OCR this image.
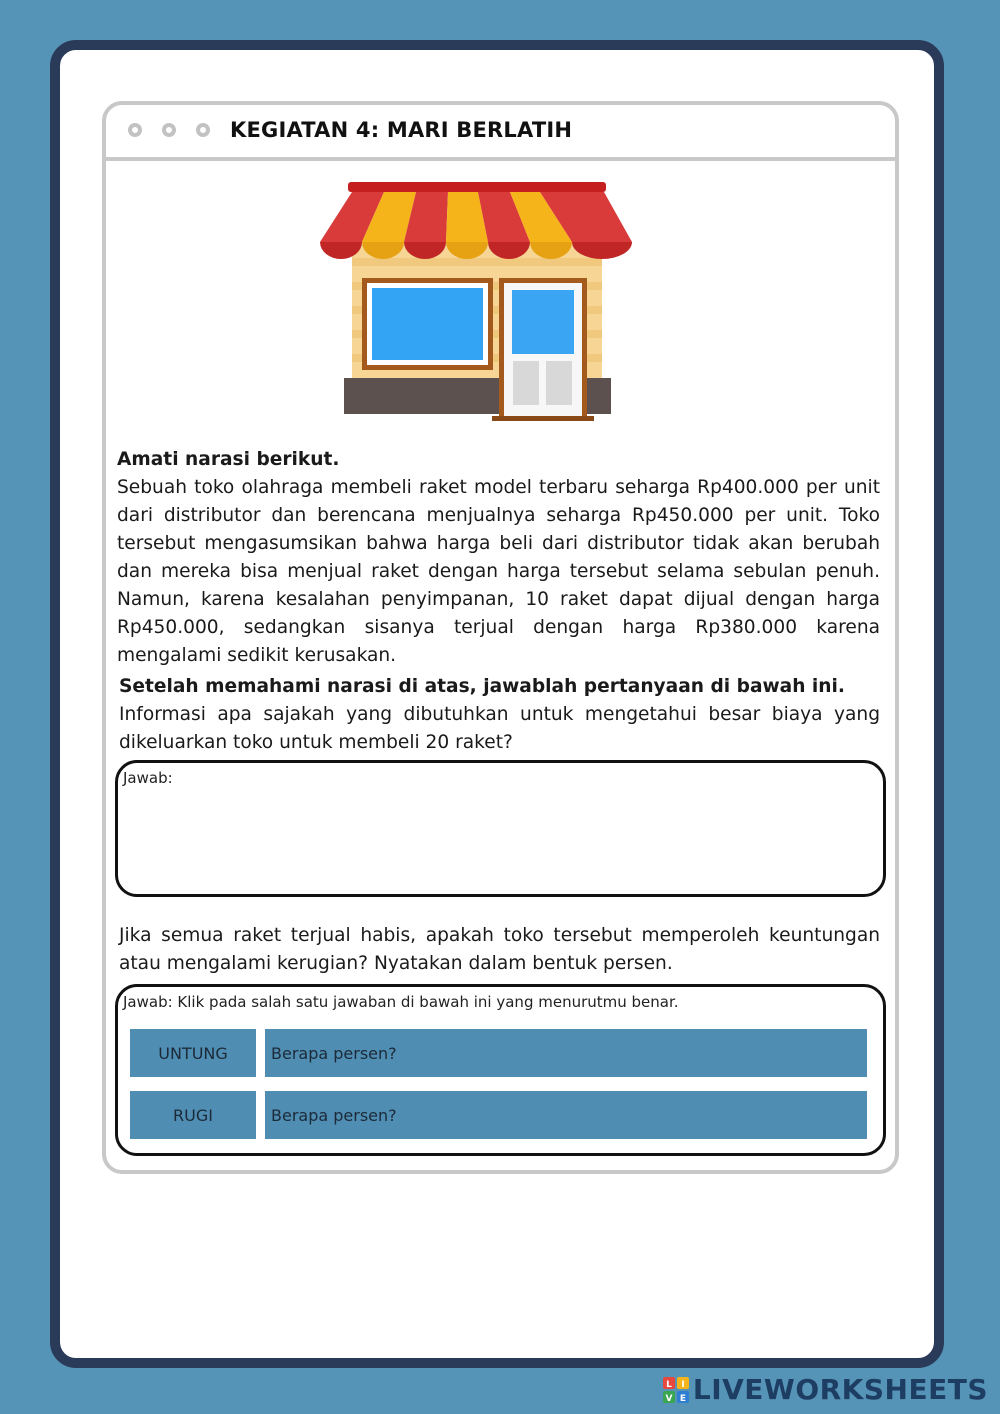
KEGIATAN 4: MARI BERLATIH
Amati narasi berikut.
Sebuah toko olahraga membeli raket model terbaru seharga Rp400.000 per unit dari distributor dan berencana menjualnya seharga Rp450.000 per unit. Toko tersebut mengasumsikan bahwa harga beli dari distributor tidak akan berubah dan mereka bisa menjual raket dengan harga tersebut selama sebulan penuh. Namun, karena kesalahan penyimpanan, 10 raket dapat dijual dengan harga Rp450.000, sedangkan sisanya terjual dengan harga Rp380.000 karena mengalami sedikit kerusakan.
Setelah memahami narasi di atas, jawablah pertanyaan di bawah ini.
Informasi apa sajakah yang dibutuhkan untuk mengetahui besar biaya yang dikeluarkan toko untuk membeli 20 raket?
Jawab:
Jika semua raket terjual habis, apakah toko tersebut memperoleh keuntungan atau mengalami kerugian? Nyatakan dalam bentuk persen.
Jawab: Klik pada salah satu jawaban di bawah ini yang menurutmu benar.
UNTUNG	Berapa persen?
RUGI	Berapa persen?
L I
V E LIVEWORKSHEETS
